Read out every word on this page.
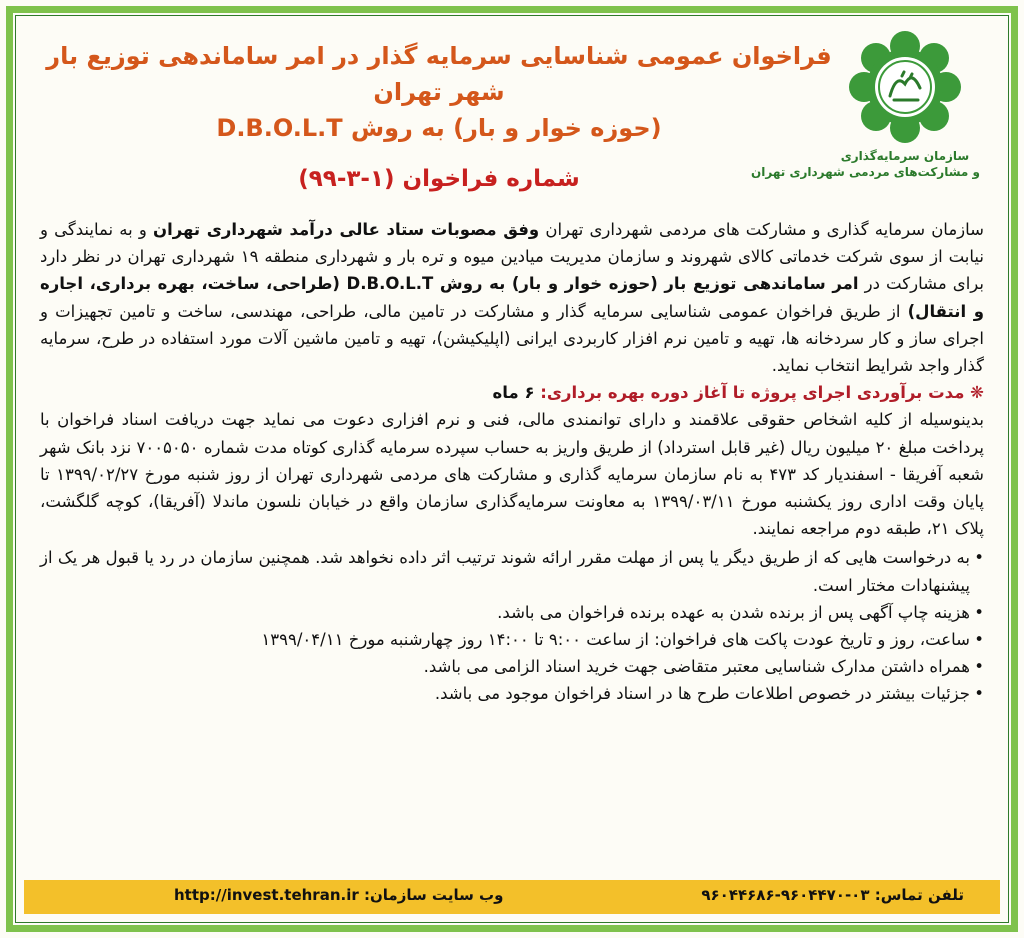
فراخوان عمومی شناسایی سرمایه گذار در امر ساماندهی توزیع بار شهر تهران
(حوزه خوار و بار) به روش D.B.O.L.T
شماره فراخوان (۱-۳-۹۹)
سازمان سرمایه‌گذاری
و مشارکت‌های مردمی شهرداری تهران

سازمان سرمایه گذاری و مشارکت های مردمی شهرداری تهران وفق مصوبات ستاد عالی درآمد شهرداری تهران و به نمایندگی و نیابت از سوی شرکت خدماتی کالای شهروند و سازمان مدیریت میادین میوه و تره بار و شهرداری منطقه ۱۹ شهرداری تهران در نظر دارد برای مشارکت در امر ساماندهی توزیع بار (حوزه خوار و بار) به روش D.B.O.L.T (طراحی، ساخت، بهره برداری، اجاره و انتقال) از طریق فراخوان عمومی شناسایی سرمایه گذار و مشارکت در تامین مالی، طراحی، مهندسی، ساخت و تامین تجهیزات و اجرای ساز و کار سردخانه ها، تهیه و تامین نرم افزار کاربردی ایرانی (اپلیکیشن)، تهیه و تامین ماشین آلات مورد استفاده در طرح، سرمایه گذار واجد شرایط انتخاب نماید.

❋ مدت برآوردی اجرای پروژه تا آغاز دوره بهره برداری: ۶ ماه

بدینوسیله از کلیه اشخاص حقوقی علاقمند و دارای توانمندی مالی، فنی و نرم افزاری دعوت می نماید جهت دریافت اسناد فراخوان با پرداخت مبلغ ۲۰ میلیون ریال (غیر قابل استرداد) از طریق واریز به حساب سپرده سرمایه گذاری کوتاه مدت شماره ۷۰۰۵۰۵۰ نزد بانک شهر شعبه آفریقا - اسفندیار کد ۴۷۳ به نام سازمان سرمایه گذاری و مشارکت های مردمی شهرداری تهران از روز شنبه مورخ ۱۳۹۹/۰۲/۲۷ تا پایان وقت اداری روز یکشنبه مورخ ۱۳۹۹/۰۳/۱۱ به معاونت سرمایه‌گذاری سازمان واقع در خیابان نلسون ماندلا (آفریقا)، کوچه گلگشت، پلاک ۲۱، طبقه دوم مراجعه نمایند.

• به درخواست هایی که از طریق دیگر یا پس از مهلت مقرر ارائه شوند ترتیب اثر داده نخواهد شد. همچنین سازمان در رد یا قبول هر یک از پیشنهادات مختار است.
• هزینه چاپ آگهی پس از برنده شدن به عهده برنده فراخوان می باشد.
• ساعت، روز و تاریخ عودت پاکت های فراخوان: از ساعت ۹:۰۰ تا ۱۴:۰۰ روز چهارشنبه مورخ ۱۳۹۹/۰۴/۱۱
• همراه داشتن مدارک شناسایی معتبر متقاضی جهت خرید اسناد الزامی می باشد.
• جزئیات بیشتر در خصوص اطلاعات طرح ها در اسناد فراخوان موجود می باشد.
تلفن تماس: ۰۳-۹۶۰۴۴۷۰-۹۶۰۴۴۶۸۶
وب سایت سازمان: http://invest.tehran.ir
